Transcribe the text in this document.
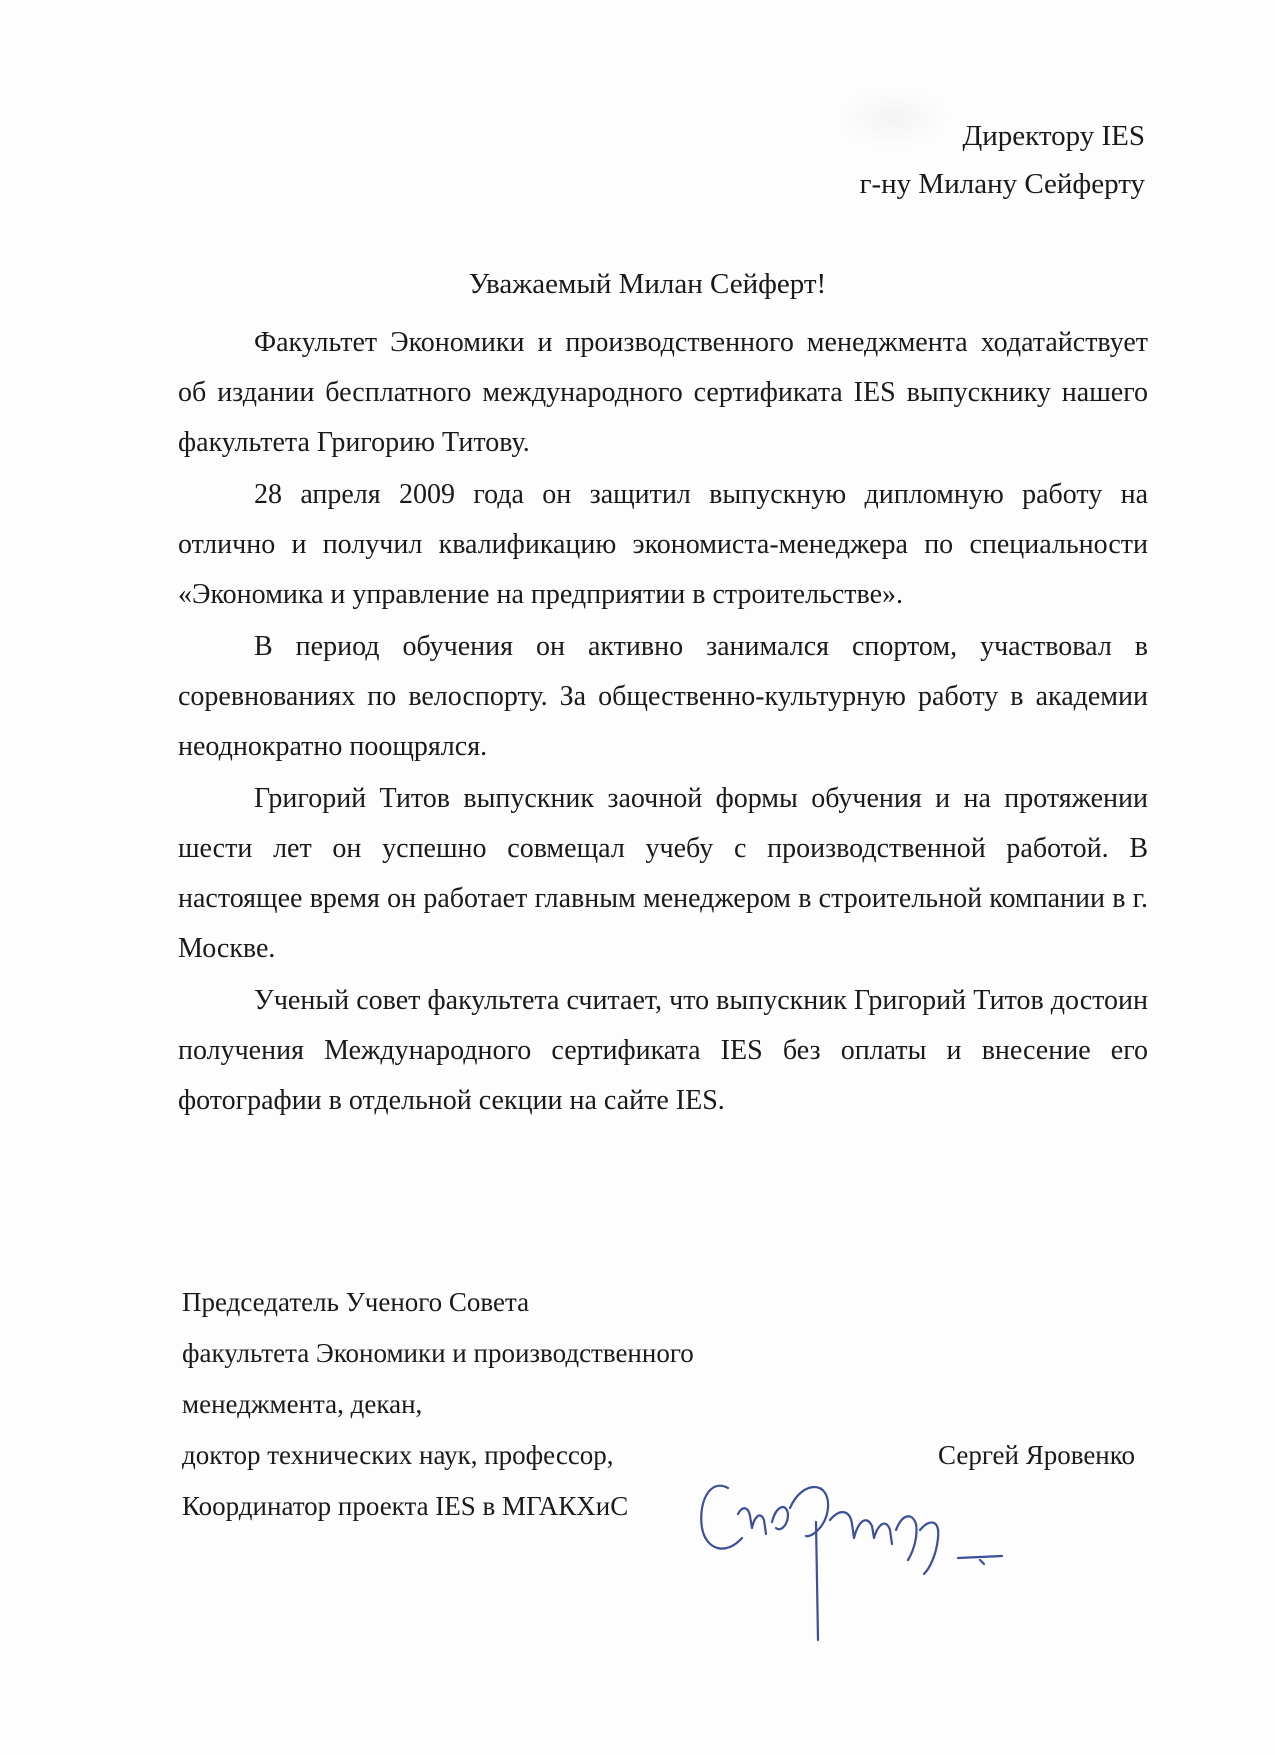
Директору IES
г-ну Милану Сейферту
Уважаемый Милан Сейферт!

Факультет Экономики и производственного менеджмента ходатайствует об издании бесплатного международного сертификата IES выпускнику нашего факультета Григорию Титову.

28 апреля 2009 года он защитил выпускную дипломную работу на отлично и получил квалификацию экономиста-менеджера по специальности «Экономика и управление на предприятии в строительстве».

В период обучения он активно занимался спортом, участвовал в соревнованиях по велоспорту. За общественно-культурную работу в академии неоднократно поощрялся.

Григорий Титов выпускник заочной формы обучения и на протяжении шести лет он успешно совмещал учебу с производственной работой. В настоящее время он работает главным менеджером в строительной компании в г. Москве.

Ученый совет факультета считает, что выпускник Григорий Титов достоин получения Международного сертификата IES без оплаты и внесение его фотографии в отдельной секции на сайте IES.

Председатель Ученого Совета
факультета Экономики и производственного
менеджмента, декан,
доктор технических наук, профессор,
Координатор проекта IES в МГАКХиС
Сергей Яровенко
